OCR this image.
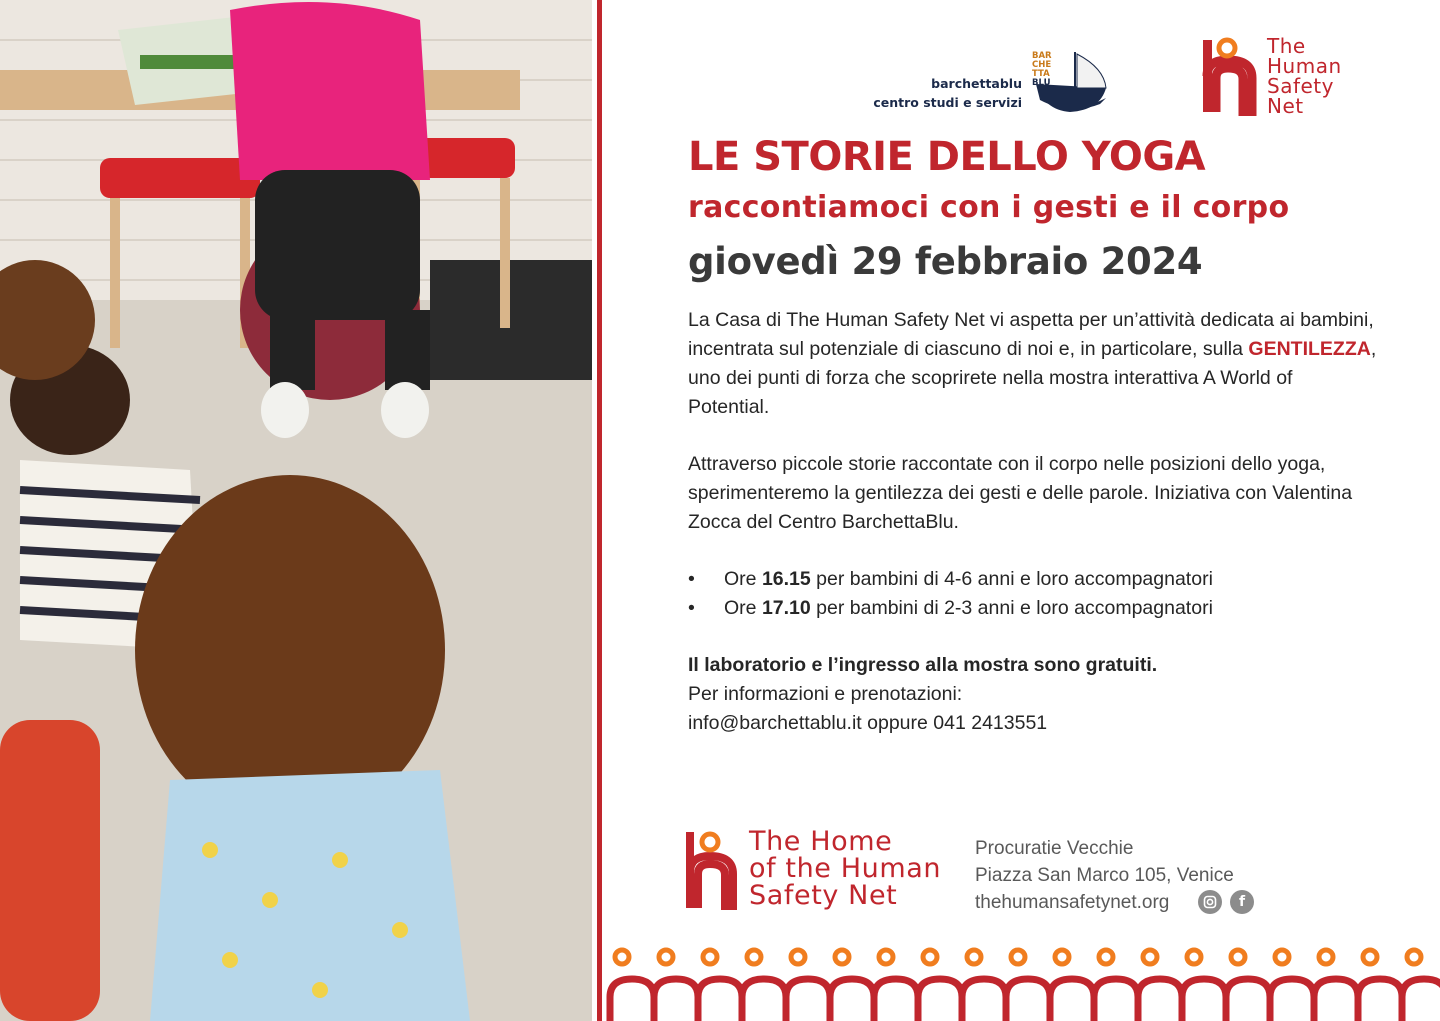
barchettablu
centro studi e servizi
BAR
CHE
TTA
BLU
The
Human
Safety
Net
LE STORIE DELLO YOGA
raccontiamoci con i gesti e il corpo
giovedì 29 febbraio 2024

La Casa di The Human Safety Net vi aspetta per un’attività dedicata ai bambini, incentrata sul potenziale di ciascuno di noi e, in particolare, sulla GENTILEZZA, uno dei punti di forza che scoprirete nella mostra interattiva A World of Potential.

Attraverso piccole storie raccontate con il corpo nelle posizioni dello yoga, sperimenteremo la gentilezza dei gesti e delle parole. Iniziativa con Valentina Zocca del Centro BarchettaBlu.

• Ore 16.15 per bambini di 4-6 anni e loro accompagnatori
• Ore 17.10 per bambini di 2-3 anni e loro accompagnatori

Il laboratorio e l’ingresso alla mostra sono gratuiti.

Per informazioni e prenotazioni:

info@barchettablu.it oppure 041 2413551

The Home
of the Human
Safety Net
Procuratie Vecchie
Piazza San Marco 105, Venice
thehumansafetynet.org	f
